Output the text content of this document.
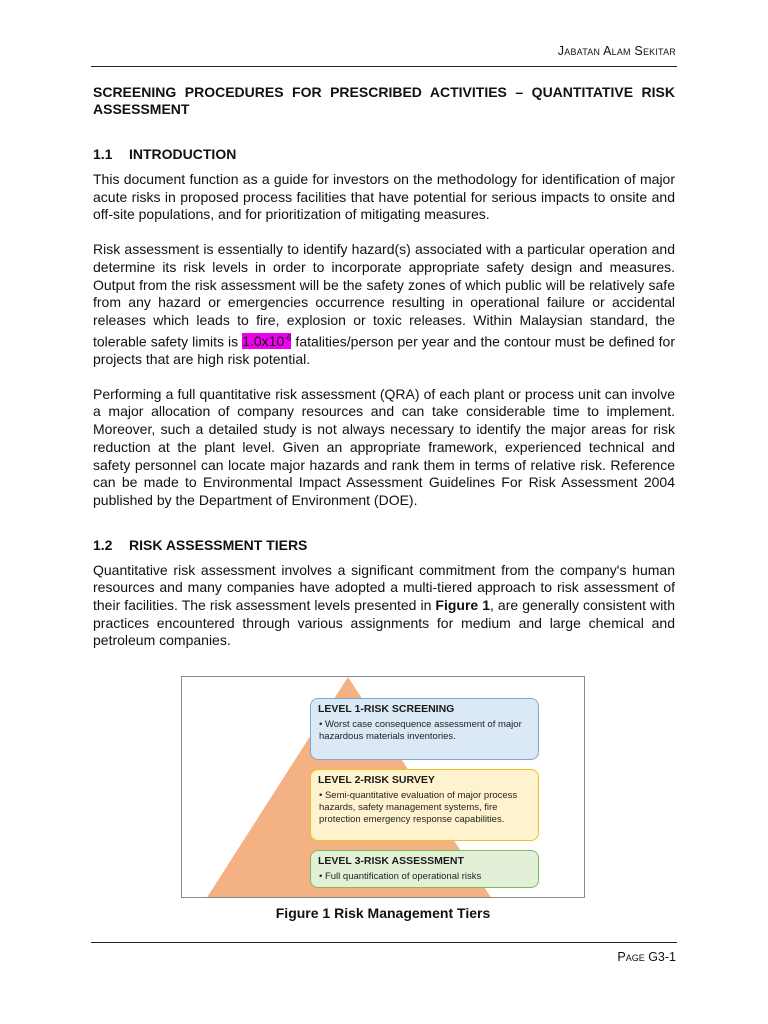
Jabatan Alam Sekitar
SCREENING PROCEDURES FOR PRESCRIBED ACTIVITIES – QUANTITATIVE RISK ASSESSMENT
1.1 INTRODUCTION

This document function as a guide for investors on the methodology for identification of major acute risks in proposed process facilities that have potential for serious impacts to onsite and off-site populations, and for prioritization of mitigating measures.

Risk assessment is essentially to identify hazard(s) associated with a particular operation and determine its risk levels in order to incorporate appropriate safety design and measures. Output from the risk assessment will be the safety zones of which public will be relatively safe from any hazard or emergencies occurrence resulting in operational failure or accidental releases which leads to fire, explosion or toxic releases. Within Malaysian standard, the tolerable safety limits is $1.0x10^{-6}$ fatalities/person per year and the contour must be defined for projects that are high risk potential.

Performing a full quantitative risk assessment (QRA) of each plant or process unit can involve a major allocation of company resources and can take considerable time to implement. Moreover, such a detailed study is not always necessary to identify the major areas for risk reduction at the plant level. Given an appropriate framework, experienced technical and safety personnel can locate major hazards and rank them in terms of relative risk. Reference can be made to Environmental Impact Assessment Guidelines For Risk Assessment 2004 published by the Department of Environment (DOE).

1.2 RISK ASSESSMENT TIERS

Quantitative risk assessment involves a significant commitment from the company's human resources and many companies have adopted a multi-tiered approach to risk assessment of their facilities. The risk assessment levels presented in Figure 1, are generally consistent with practices encountered through various assignments for medium and large chemical and petroleum companies.

LEVEL 1-RISK SCREENING
• Worst case consequence assessment of major hazardous materials inventories.
LEVEL 2-RISK SURVEY
• Semi-quantitative evaluation of major process hazards, safety management systems, fire protection emergency response capabilities.
LEVEL 3-RISK ASSESSMENT
• Full quantification of operational risks
Figure 1 Risk Management Tiers
Page G3-1
